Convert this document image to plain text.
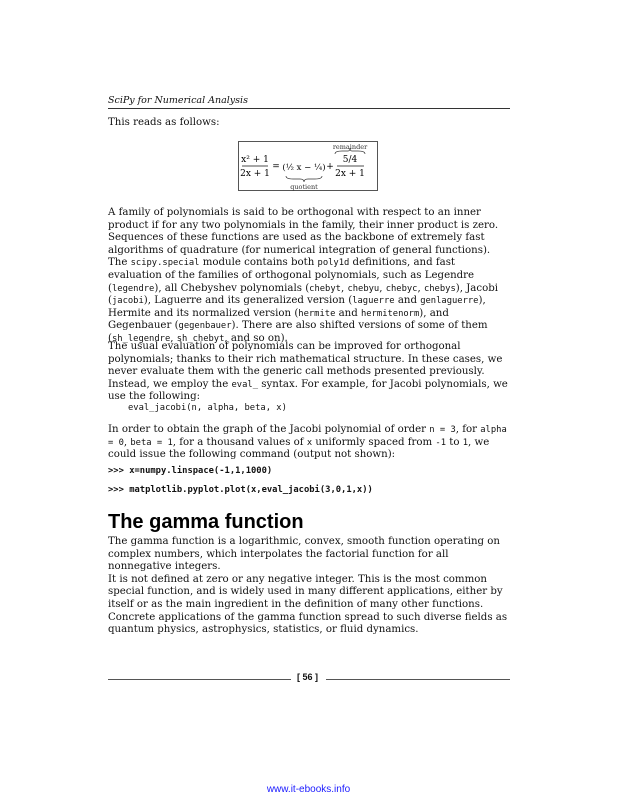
SciPy for Numerical Analysis
This reads as follows:
remainder
x² + 1
2x + 1
= (½ x − ¼)
quotient
+
5/4
2x + 1
A family of polynomials is said to be orthogonal with respect to an inner product if for any two polynomials in the family, their inner product is zero. Sequences of these functions are used as the backbone of extremely fast algorithms of quadrature (for numerical integration of general functions). The scipy.special module contains both poly1d definitions, and fast evaluation of the families of orthogonal polynomials, such as Legendre (legendre), all Chebyshev polynomials (chebyt, chebyu, chebyc, chebys), Jacobi (jacobi), Laguerre and its generalized version (laguerre and genlaguerre), Hermite and its normalized version (hermite and hermitenorm), and Gegenbauer (gegenbauer). There are also shifted versions of some of them (sh_legendre, sh_chebyt, and so on).
The usual evaluation of polynomials can be improved for orthogonal polynomials; thanks to their rich mathematical structure. In these cases, we never evaluate them with the generic call methods presented previously. Instead, we employ the eval_ syntax. For example, for Jacobi polynomials, we use the following:
eval_jacobi(n, alpha, beta, x)
In order to obtain the graph of the Jacobi polynomial of order n = 3, for alpha = 0, beta = 1, for a thousand values of x uniformly spaced from -1 to 1, we could issue the following command (output not shown):
>>> x=numpy.linspace(-1,1,1000)
>>> matplotlib.pyplot.plot(x,eval_jacobi(3,0,1,x))
The gamma function
The gamma function is a logarithmic, convex, smooth function operating on complex numbers, which interpolates the factorial function for all nonnegative integers.
It is not defined at zero or any negative integer. This is the most common special function, and is widely used in many different applications, either by itself or as the main ingredient in the definition of many other functions. Concrete applications of the gamma function spread to such diverse fields as quantum physics, astrophysics, statistics, or fluid dynamics.
[ 56 ]
www.it-ebooks.info
